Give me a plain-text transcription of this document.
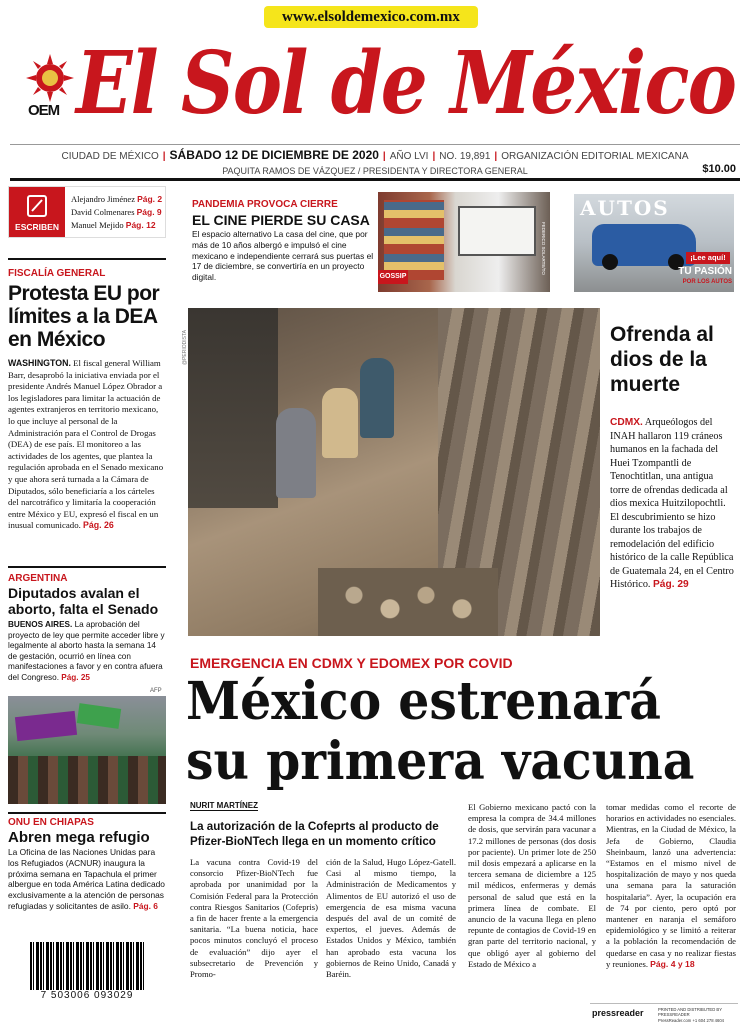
www.elsoldemexico.com.mx
OEM El Sol de México
CIUDAD DE MÉXICO | SÁBADO 12 DE DICIEMBRE DE 2020 | AÑO LVI | NO. 19,891 | ORGANIZACIÓN EDITORIAL MEXICANA
PAQUITA RAMOS DE VÁZQUEZ / PRESIDENTA Y DIRECTORA GENERAL	$10.00
ESCRIBEN
Alejandro Jiménez Pág. 2
David Colmenares Pág. 9
Manuel Mejido Pág. 12
FISCALÍA GENERAL
Protesta EU por límites a la DEA en México
WASHINGTON. El fiscal general William Barr, desaprobó la iniciativa enviada por el presidente Andrés Manuel López Obrador a los legisladores para limitar la actuación de agentes extranjeros en territorio mexicano, lo que incluye al personal de la Administración para el Control de Drogas (DEA) de ese país. El monitoreo a las actividades de los agentes, que plantea la regulación aprobada en el Senado mexicano y que ahora será turnada a la Cámara de Diputados, sólo beneficiaría a los cárteles del narcotráfico y limitaría la cooperación entre México y EU, expresó el fiscal en un inusual comunicado. Pág. 26
ARGENTINA
Diputados avalan el aborto, falta el Senado
BUENOS AIRES. La aprobación del proyecto de ley que permite acceder libre y legalmente al aborto hasta la semana 14 de gestación, ocurrió en línea con manifestaciones a favor y en contra afuera del Congreso. Pág. 25
AFP
ONU EN CHIAPAS
Abren mega refugio
La Oficina de las Naciones Unidas para los Refugiados (ACNUR) inaugura la próxima semana en Tapachula el primer albergue en toda América Latina dedicado exclusivamente a la atención de personas refugiadas y solicitantes de asilo. Pág. 6
7 503006 093029
PANDEMIA PROVOCA CIERRE
EL CINE PIERDE SU CASA
El espacio alternativo La casa del cine, que por más de 10 años albergó e impulsó el cine mexicano e independiente cerrará sus puertas el 17 de diciembre, se convertiría en un proyecto digital.	GOSSIP
FEDERICO SOLARTE/TO
AUTOS
¡Lee aquí!
TU PASIÓN
POR LOS AUTOS
@PERIODISTA	Ofrenda al dios de la muerte
CDMX. Arqueólogos del INAH hallaron 119 cráneos humanos en la fachada del Huei Tzompantli de Tenochtitlan, una antigua torre de ofrendas dedicada al dios mexica Huitzilopochtli. El descubrimiento se hizo durante los trabajos de remodelación del edificio histórico de la calle República de Guatemala 24, en el Centro Histórico. Pág. 29
EMERGENCIA EN CDMX Y EDOMEX POR COVID
México estrenará
su primera vacuna
NURIT MARTÍNEZ
La autorización de la Cofeprts al producto de Pfizer-BioNTech llega en un momento crítico
La vacuna contra Covid-19 del consorcio Pfizer-BioNTech fue aprobada por unanimidad por la Comisión Federal para la Protección contra Riesgos Sanitarios (Cofepris) a fin de hacer frente a la emergencia sanitaria. “La buena noticia, hace pocos minutos concluyó el proceso de evaluación” dijo ayer el subsecretario de Prevención y Promo-
ción de la Salud, Hugo López-Gatell. Casi al mismo tiempo, la Administración de Medicamentos y Alimentos de EU autorizó el uso de emergencia de esa misma vacuna después del aval de un comité de expertos, el jueves. Además de Estados Unidos y México, también han aprobado esta vacuna los gobiernos de Reino Unido, Canadá y Baréin.
El Gobierno mexicano pactó con la empresa la compra de 34.4 millones de dosis, que servirán para vacunar a 17.2 millones de personas (dos dosis por paciente). Un primer lote de 250 mil dosis empezará a aplicarse en la tercera semana de diciembre a 125 mil médicos, enfermeras y demás personal de salud que está en la primera línea de combate. El anuncio de la vacuna llega en pleno repunte de contagios de Covid-19 en gran parte del territorio nacional, y que obligó ayer al gobierno del Estado de México a
tomar medidas como el recorte de horarios en actividades no esenciales. Mientras, en la Ciudad de México, la Jefa de Gobierno, Claudia Sheinbaum, lanzó una advertencia: “Estamos en el mismo nivel de hospitalización de mayo y nos queda una semana para la saturación hospitalaria”. Ayer, la ocupación era de 74 por ciento, pero optó por mantener en naranja el semáforo epidemiológico y se limitó a reiterar a la población la recomendación de quedarse en casa y no realizar fiestas y reuniones. Pág. 4 y 18
pressreader	PRINTED AND DISTRIBUTED BY PRESSREADER
PressReader.com +1 604 278 4604
